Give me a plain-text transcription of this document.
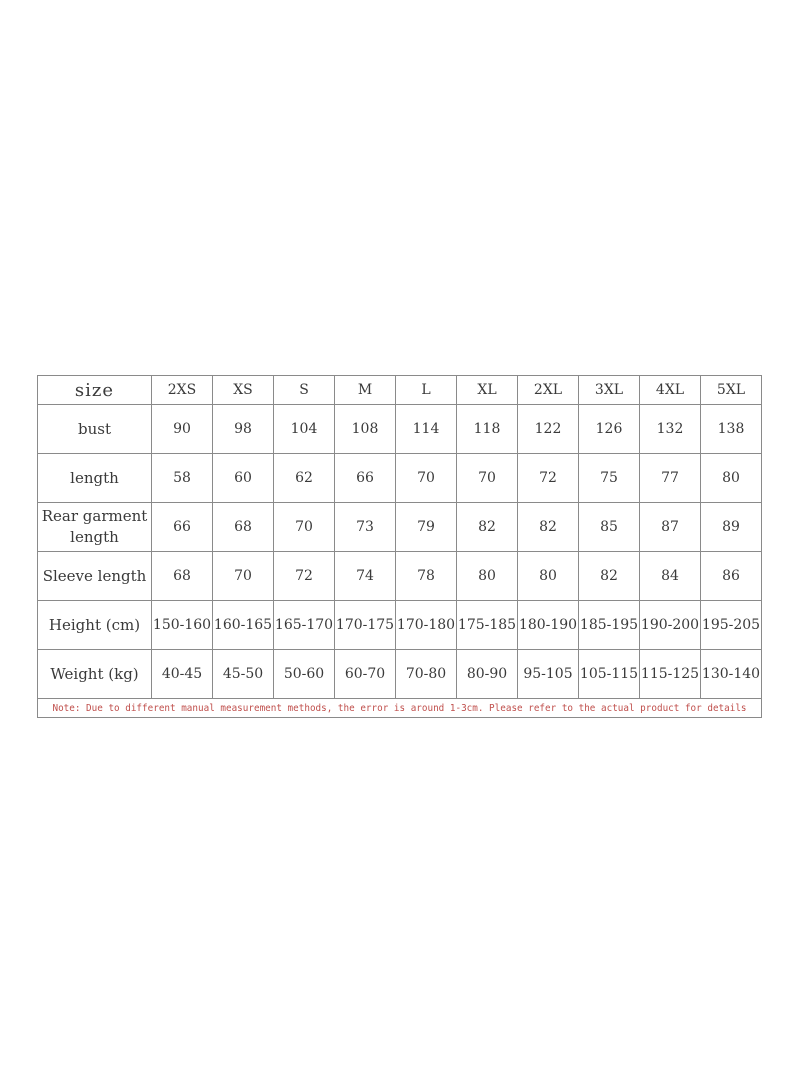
size	2XS	XS	S	M	L	XL	2XL	3XL	4XL	5XL
bust	90	98	104	108	114	118	122	126	132	138
length	58	60	62	66	70	70	72	75	77	80
Rear garment length	66	68	70	73	79	82	82	85	87	89
Sleeve length	68	70	72	74	78	80	80	82	84	86
Height (cm)	150-160	160-165	165-170	170-175	170-180	175-185	180-190	185-195	190-200	195-205
Weight (kg)	40-45	45-50	50-60	60-70	70-80	80-90	95-105	105-115	115-125	130-140
Note: Due to different manual measurement methods, the error is around 1-3cm. Please refer to the actual product for details										
